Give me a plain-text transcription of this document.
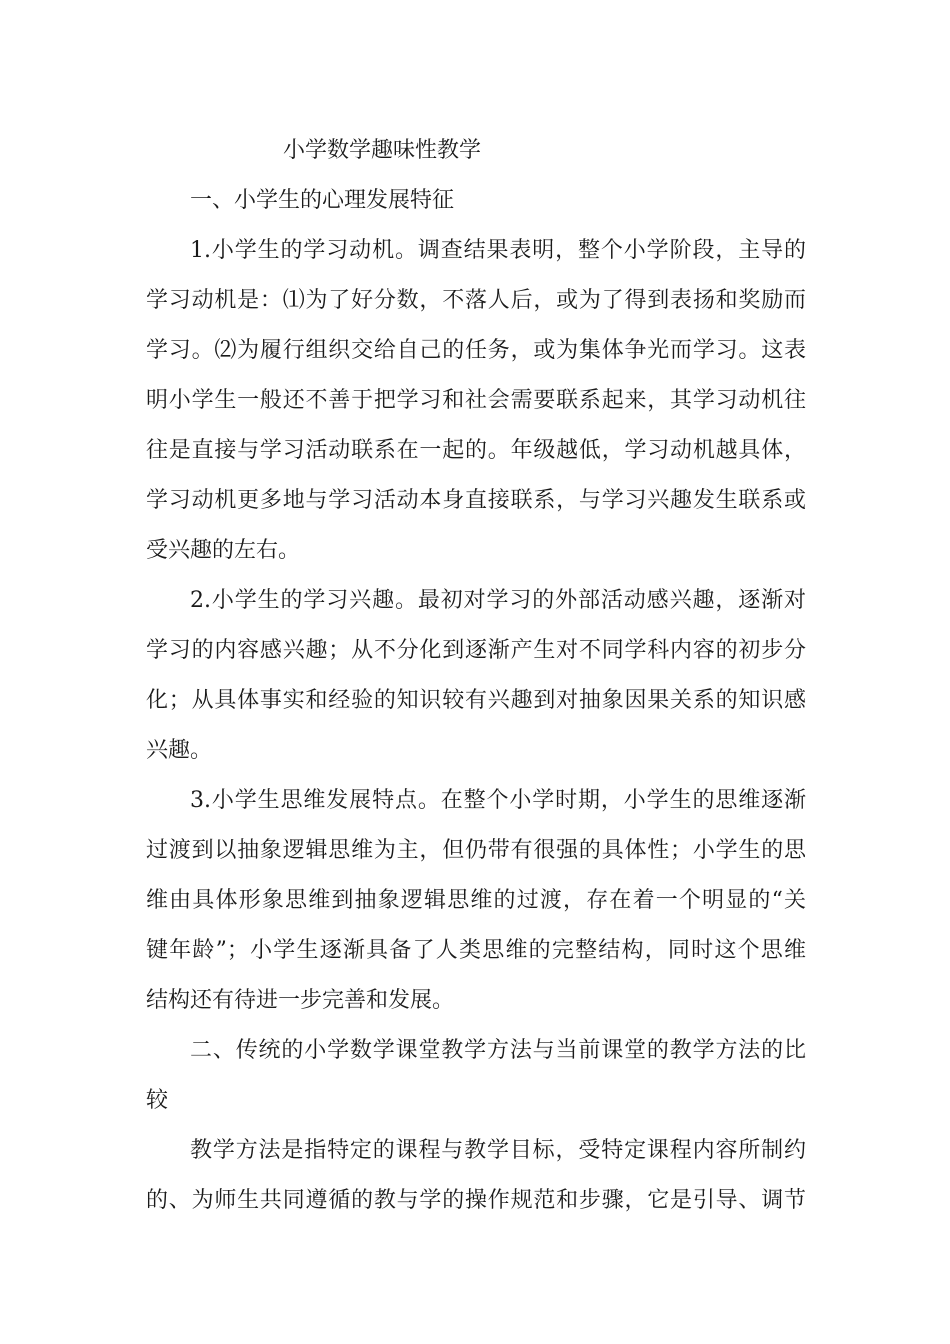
小学数学趣味性教学
一、小学生的心理发展特征
1.小学生的学习动机。调查结果表明，整个小学阶段，主导的
学习动机是：⑴为了好分数，不落人后，或为了得到表扬和奖励而
学习。⑵为履行组织交给自己的任务，或为集体争光而学习。这表
明小学生一般还不善于把学习和社会需要联系起来，其学习动机往
往是直接与学习活动联系在一起的。年级越低，学习动机越具体，
学习动机更多地与学习活动本身直接联系，与学习兴趣发生联系或
受兴趣的左右。
2.小学生的学习兴趣。最初对学习的外部活动感兴趣，逐渐对
学习的内容感兴趣；从不分化到逐渐产生对不同学科内容的初步分
化；从具体事实和经验的知识较有兴趣到对抽象因果关系的知识感
兴趣。
3.小学生思维发展特点。在整个小学时期，小学生的思维逐渐
过渡到以抽象逻辑思维为主，但仍带有很强的具体性；小学生的思
维由具体形象思维到抽象逻辑思维的过渡，存在着一个明显的“关
键年龄”；小学生逐渐具备了人类思维的完整结构，同时这个思维
结构还有待进一步完善和发展。
二、传统的小学数学课堂教学方法与当前课堂的教学方法的比
较
教学方法是指特定的课程与教学目标，受特定课程内容所制约
的、为师生共同遵循的教与学的操作规范和步骤，它是引导、调节
